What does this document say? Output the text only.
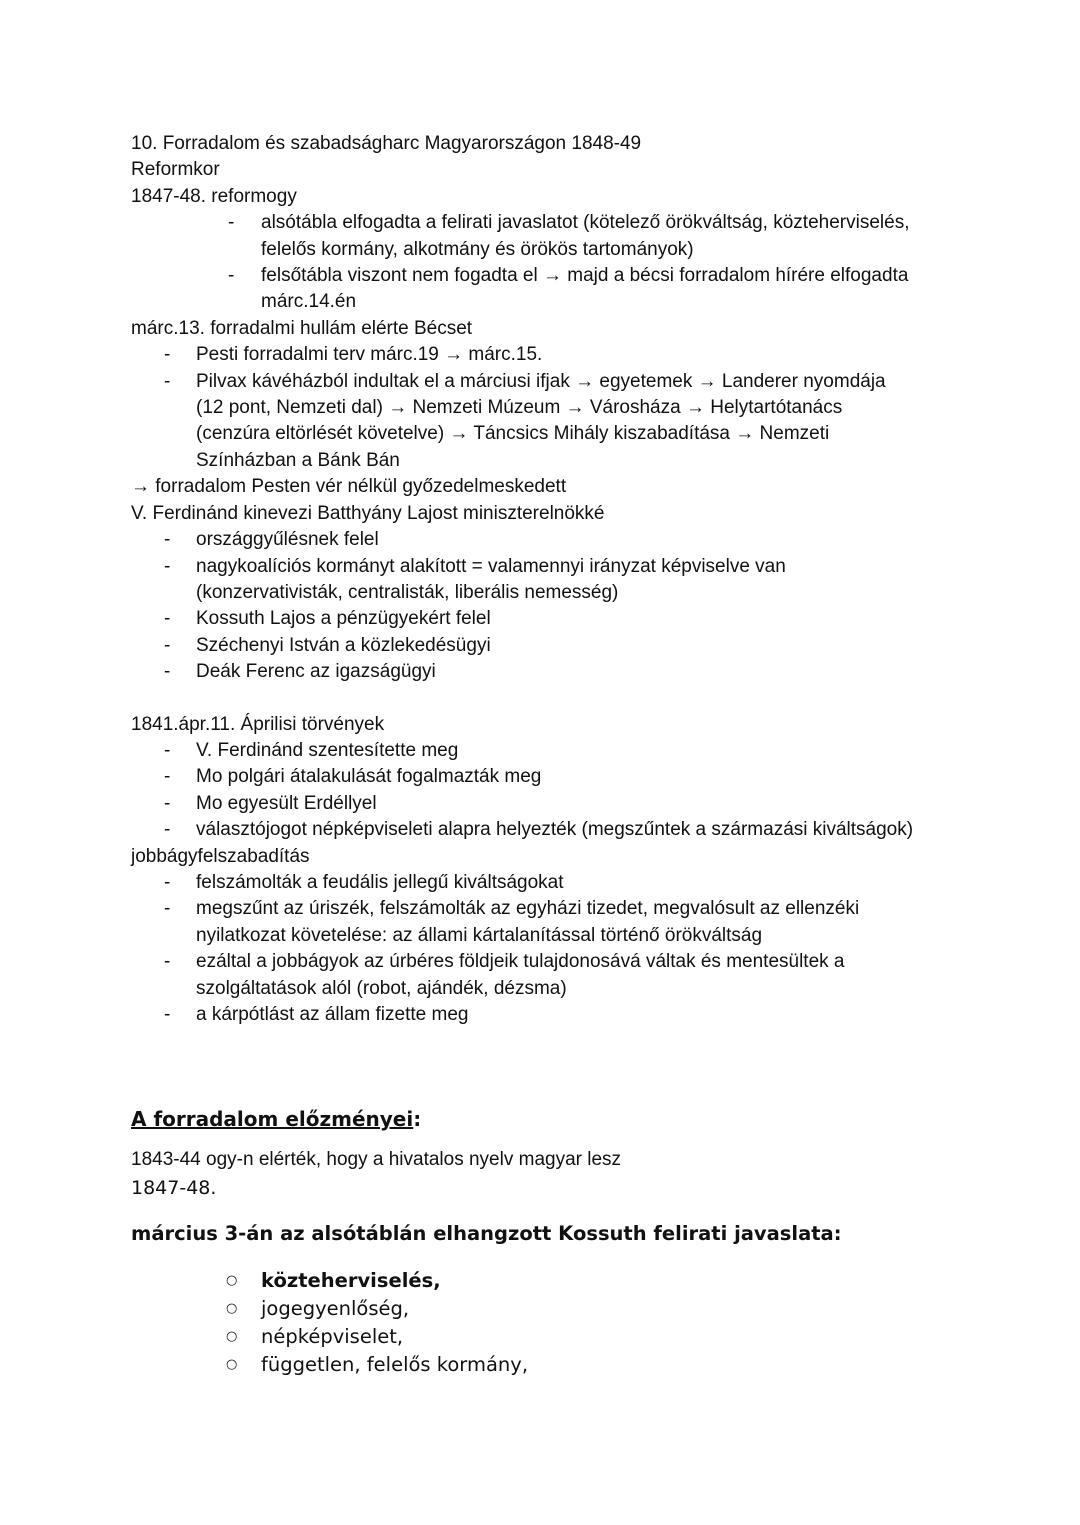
10. Forradalom és szabadságharc Magyarországon 1848-49

Reformkor

1847-48. reformogy

- alsótábla elfogadta a felirati javaslatot (kötelező örökváltság, közteherviselés,
felelős kormány, alkotmány és örökös tartományok)
- felsőtábla viszont nem fogadta el → majd a bécsi forradalom hírére elfogadta
márc.14.én

márc.13. forradalmi hullám elérte Bécset

- Pesti forradalmi terv márc.19 → márc.15.
- Pilvax kávéházból indultak el a márciusi ifjak → egyetemek → Landerer nyomdája
(12 pont, Nemzeti dal) → Nemzeti Múzeum → Városháza → Helytartótanács
(cenzúra eltörlését követelve) → Táncsics Mihály kiszabadítása → Nemzeti
Színházban a Bánk Bán

→ forradalom Pesten vér nélkül győzedelmeskedett

V. Ferdinánd kinevezi Batthyány Lajost miniszterelnökké

- országgyűlésnek felel
- nagykoalíciós kormányt alakított = valamennyi irányzat képviselve van
(konzervativisták, centralisták, liberális nemesség)
- Kossuth Lajos a pénzügyekért felel
- Széchenyi István a közlekedésügyi
- Deák Ferenc az igazságügyi

1841.ápr.11. Áprilisi törvények

- V. Ferdinánd szentesítette meg
- Mo polgári átalakulását fogalmazták meg
- Mo egyesült Erdéllyel
- választójogot népképviseleti alapra helyezték (megszűntek a származási kiváltságok)

jobbágyfelszabadítás

- felszámolták a feudális jellegű kiváltságokat
- megszűnt az úriszék, felszámolták az egyházi tizedet, megvalósult az ellenzéki
nyilatkozat követelése: az állami kártalanítással történő örökváltság
- ezáltal a jobbágyok az úrbéres földjeik tulajdonosává váltak és mentesültek a
szolgáltatások alól (robot, ajándék, dézsma)
- a kárpótlást az állam fizette meg

A forradalom előzményei:

1843-44 ogy-n elérték, hogy a hivatalos nyelv magyar lesz

1847-48.

március 3-án az alsótáblán elhangzott Kossuth felirati javaslata:

○ közteherviselés,
○ jogegyenlőség,
○ népképviselet,
○ független, felelős kormány,
